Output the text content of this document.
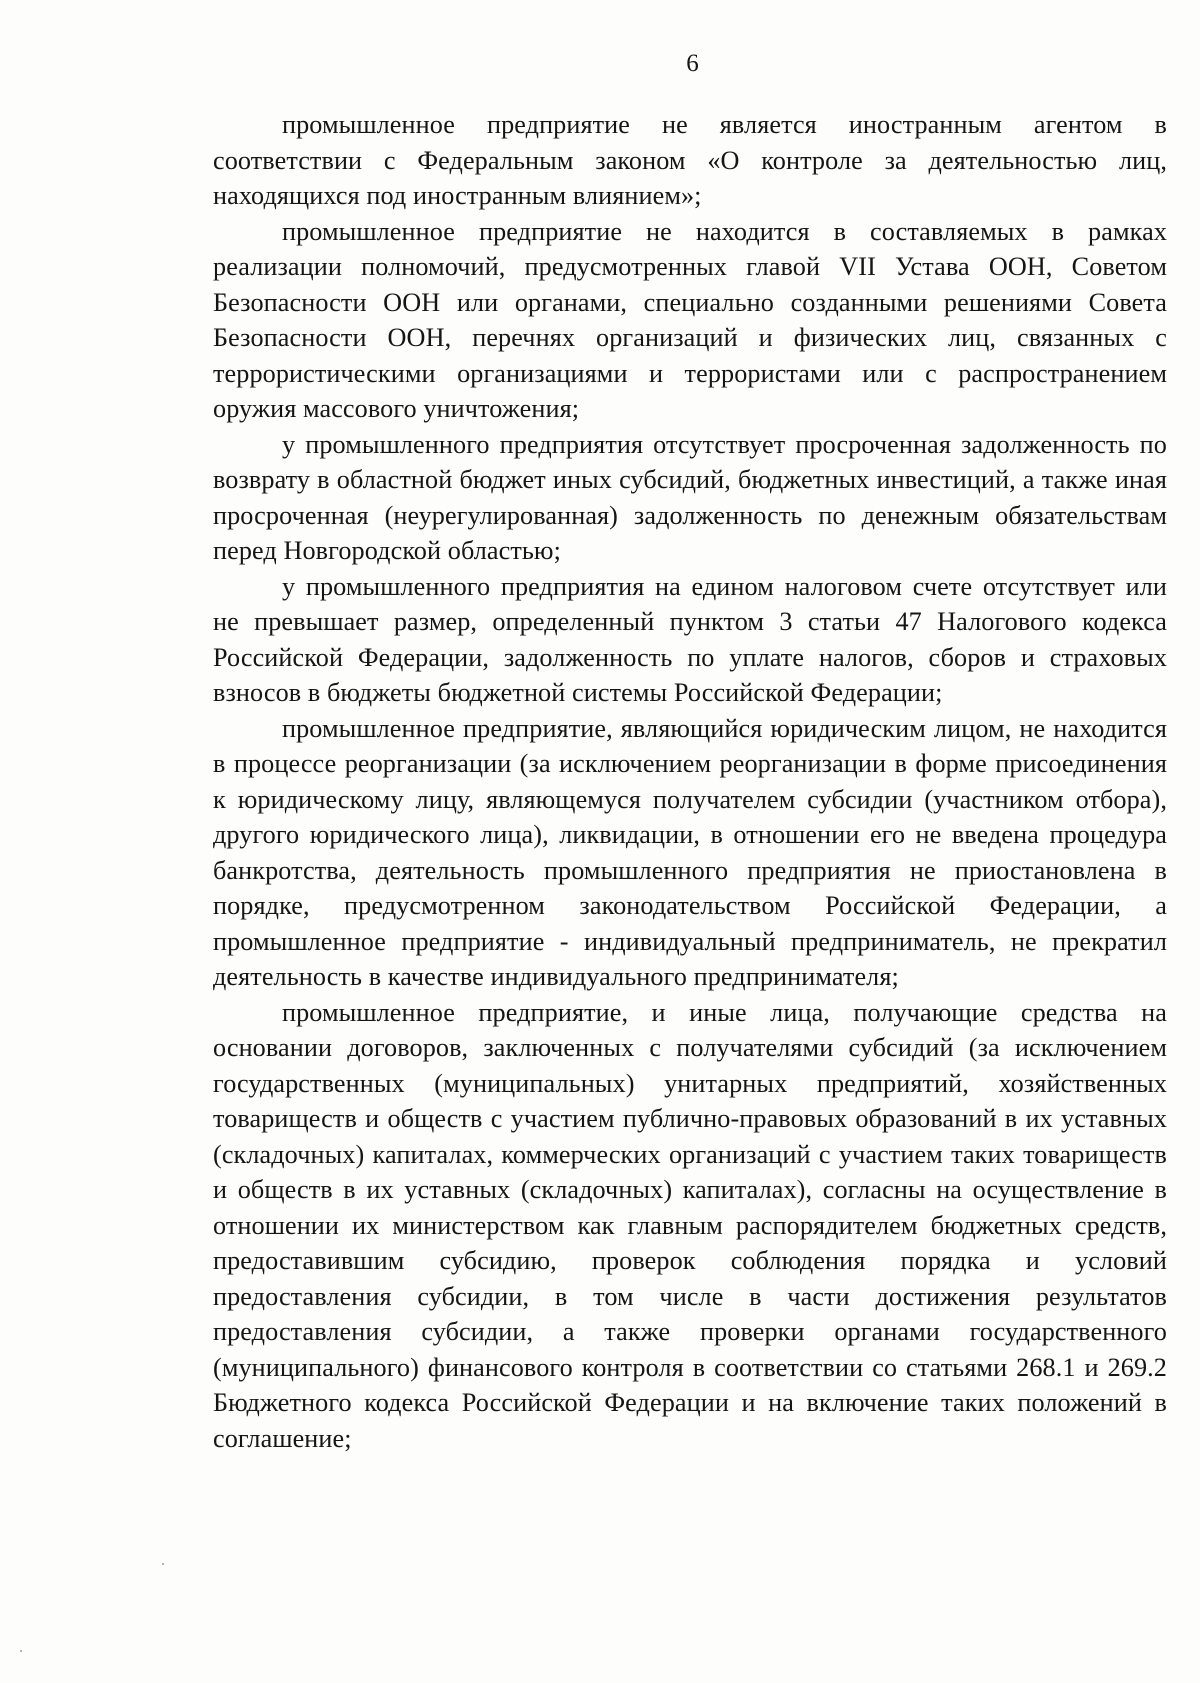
6

промышленное предприятие не является иностранным агентом в соответствии с Федеральным законом «О контроле за деятельностью лиц, находящихся под иностранным влиянием»;

промышленное предприятие не находится в составляемых в рамках реализации полномочий, предусмотренных главой VII Устава ООН, Советом Безопасности ООН или органами, специально созданными решениями Совета Безопасности ООН, перечнях организаций и физических лиц, связанных с террористическими организациями и террористами или с распространением оружия массового уничтожения;

у промышленного предприятия отсутствует просроченная задолженность по возврату в областной бюджет иных субсидий, бюджетных инвестиций, а также иная просроченная (неурегулированная) задолженность по денежным обязательствам перед Новгородской областью;

у промышленного предприятия на едином налоговом счете отсутствует или не превышает размер, определенный пунктом 3 статьи 47 Налогового кодекса Российской Федерации, задолженность по уплате налогов, сборов и страховых взносов в бюджеты бюджетной системы Российской Федерации;

промышленное предприятие, являющийся юридическим лицом, не находится в процессе реорганизации (за исключением реорганизации в форме присоединения к юридическому лицу, являющемуся получателем субсидии (участником отбора), другого юридического лица), ликвидации, в отношении его не введена процедура банкротства, деятельность промышленного предприятия не приостановлена в порядке, предусмотренном законодательством Российской Федерации, а промышленное предприятие - индивидуальный предприниматель, не прекратил деятельность в качестве индивидуального предпринимателя;

промышленное предприятие, и иные лица, получающие средства на основании договоров, заключенных с получателями субсидий (за исключением государственных (муниципальных) унитарных предприятий, хозяйственных товариществ и обществ с участием публично-правовых образований в их уставных (складочных) капиталах, коммерческих организаций с участием таких товариществ и обществ в их уставных (складочных) капиталах), согласны на осуществление в отношении их министерством как главным распорядителем бюджетных средств, предоставившим субсидию, проверок соблюдения порядка и условий предоставления субсидии, в том числе в части достижения результатов предоставления субсидии, а также проверки органами государственного (муниципального) финансового контроля в соответствии со статьями 268.1 и 269.2 Бюджетного кодекса Российской Федерации и на включение таких положений в соглашение;
